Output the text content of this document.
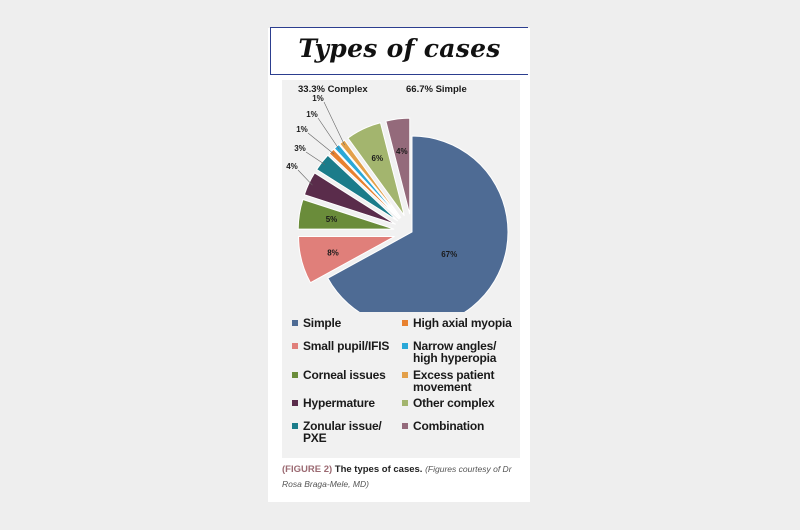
Types of cases
33.3% Complex	66.7% Simple
67%
8%
5%
4%
3%
1%
1%
1%
6%
4%
Simple
Small pupil/IFIS
Corneal issues
Hypermature
Zonular issue/ PXE
High axial myopia
Narrow angles/ high hyperopia
Excess patient movement
Other complex
Combination
(FIGURE 2) The types of cases. (Figures courtesy of Dr Rosa Braga-Mele, MD)
